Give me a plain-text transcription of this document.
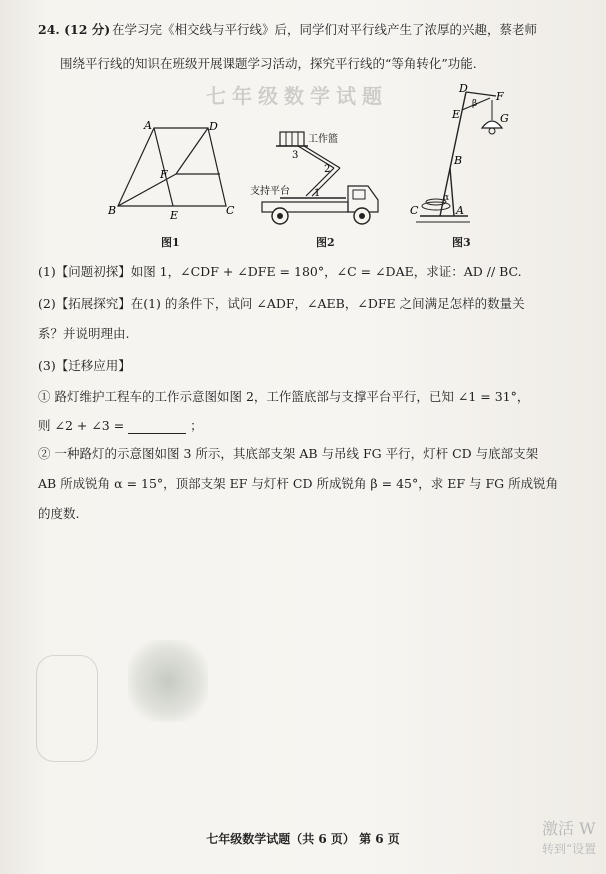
七年级数学试题
24. (12 分) 在学习完《相交线与平行线》后，同学们对平行线产生了浓厚的兴趣，蔡老师
围绕平行线的知识在班级开展课题学习活动，探究平行线的“等角转化”功能.
A	D
B	C
E
F
图1
1
2
3
工作篮
支持平台
图2
D
F
E	G
B
C	A
β
α
图3
(1)【问题初探】如图 1，∠CDF + ∠DFE = 180°，∠C = ∠DAE，求证：AD // BC.
(2)【拓展探究】在(1) 的条件下，试问 ∠ADF，∠AEB，∠DFE 之间满足怎样的数量关
系？并说明理由.
(3)【迁移应用】
① 路灯维护工程车的工作示意图如图 2，工作篮底部与支撑平台平行，已知 ∠1 = 31°，
则 ∠2 + ∠3 =	；
② 一种路灯的示意图如图 3 所示，其底部支架 AB 与吊线 FG 平行，灯杆 CD 与底部支架
AB 所成锐角 α = 15°，顶部支架 EF 与灯杆 CD 所成锐角 β = 45°，求 EF 与 FG 所成锐角
的度数.
七年级数学试题（共 6 页） 第 6 页
激活 W
转到“设置
